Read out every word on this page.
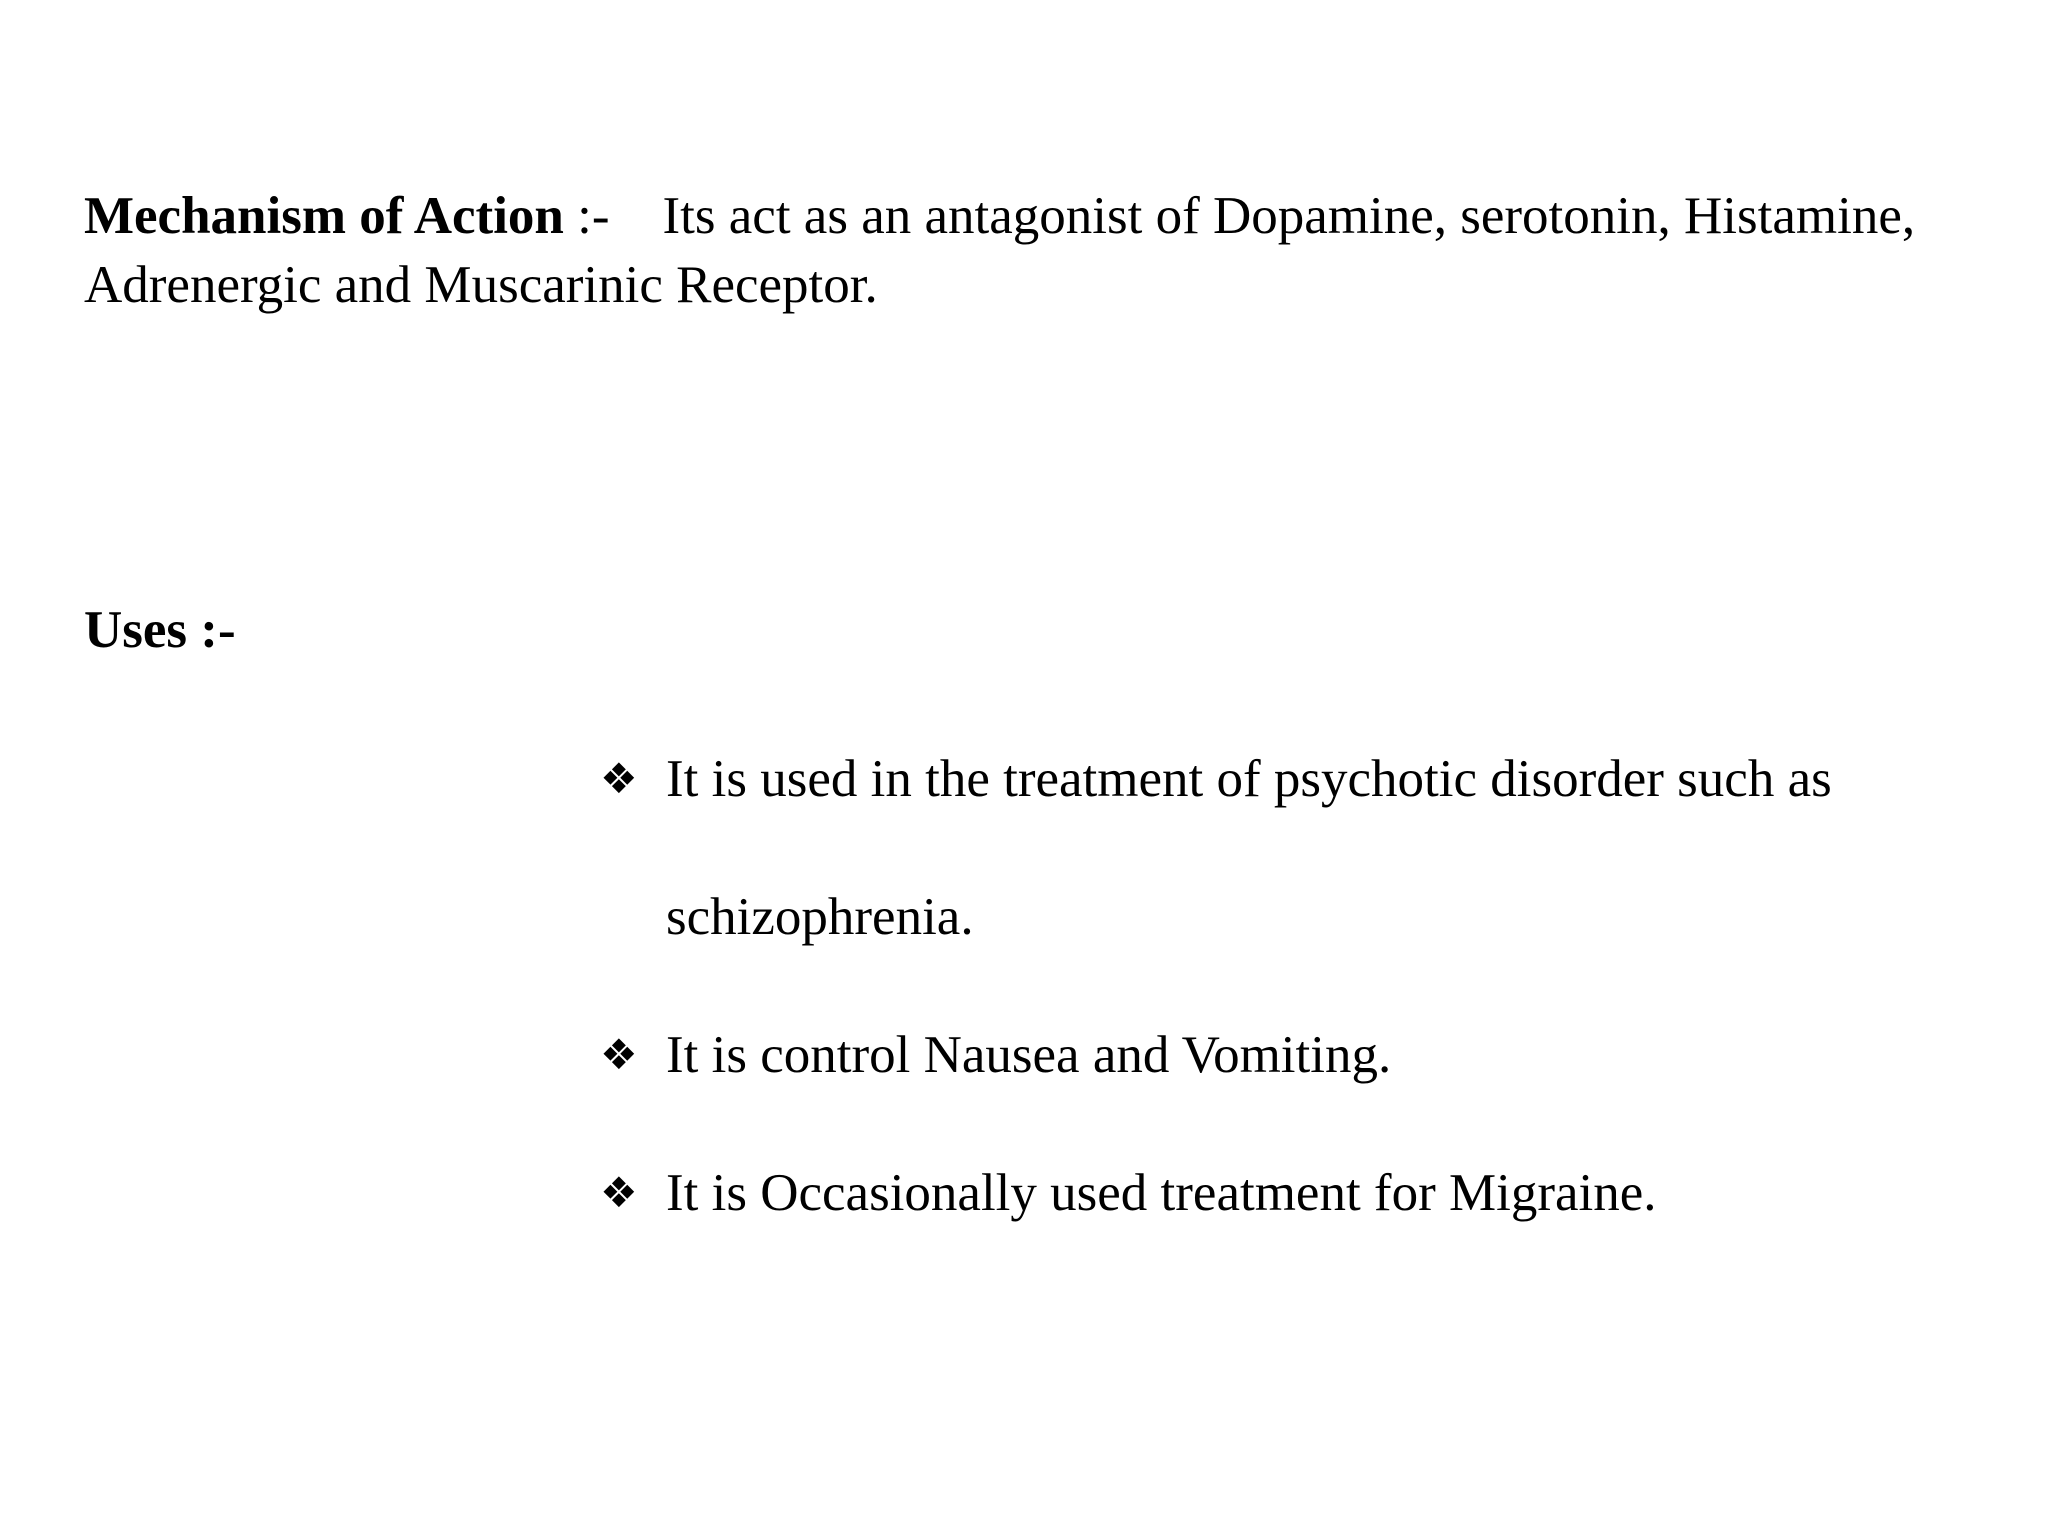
Mechanism of Action :-    Its act as an antagonist of Dopamine, serotonin, Histamine, Adrenergic and Muscarinic Receptor.

Uses :-

❖ It is used in the treatment of psychotic disorder such as schizophrenia.
❖ It is control Nausea and Vomiting.
❖ It is Occasionally used treatment for Migraine.
